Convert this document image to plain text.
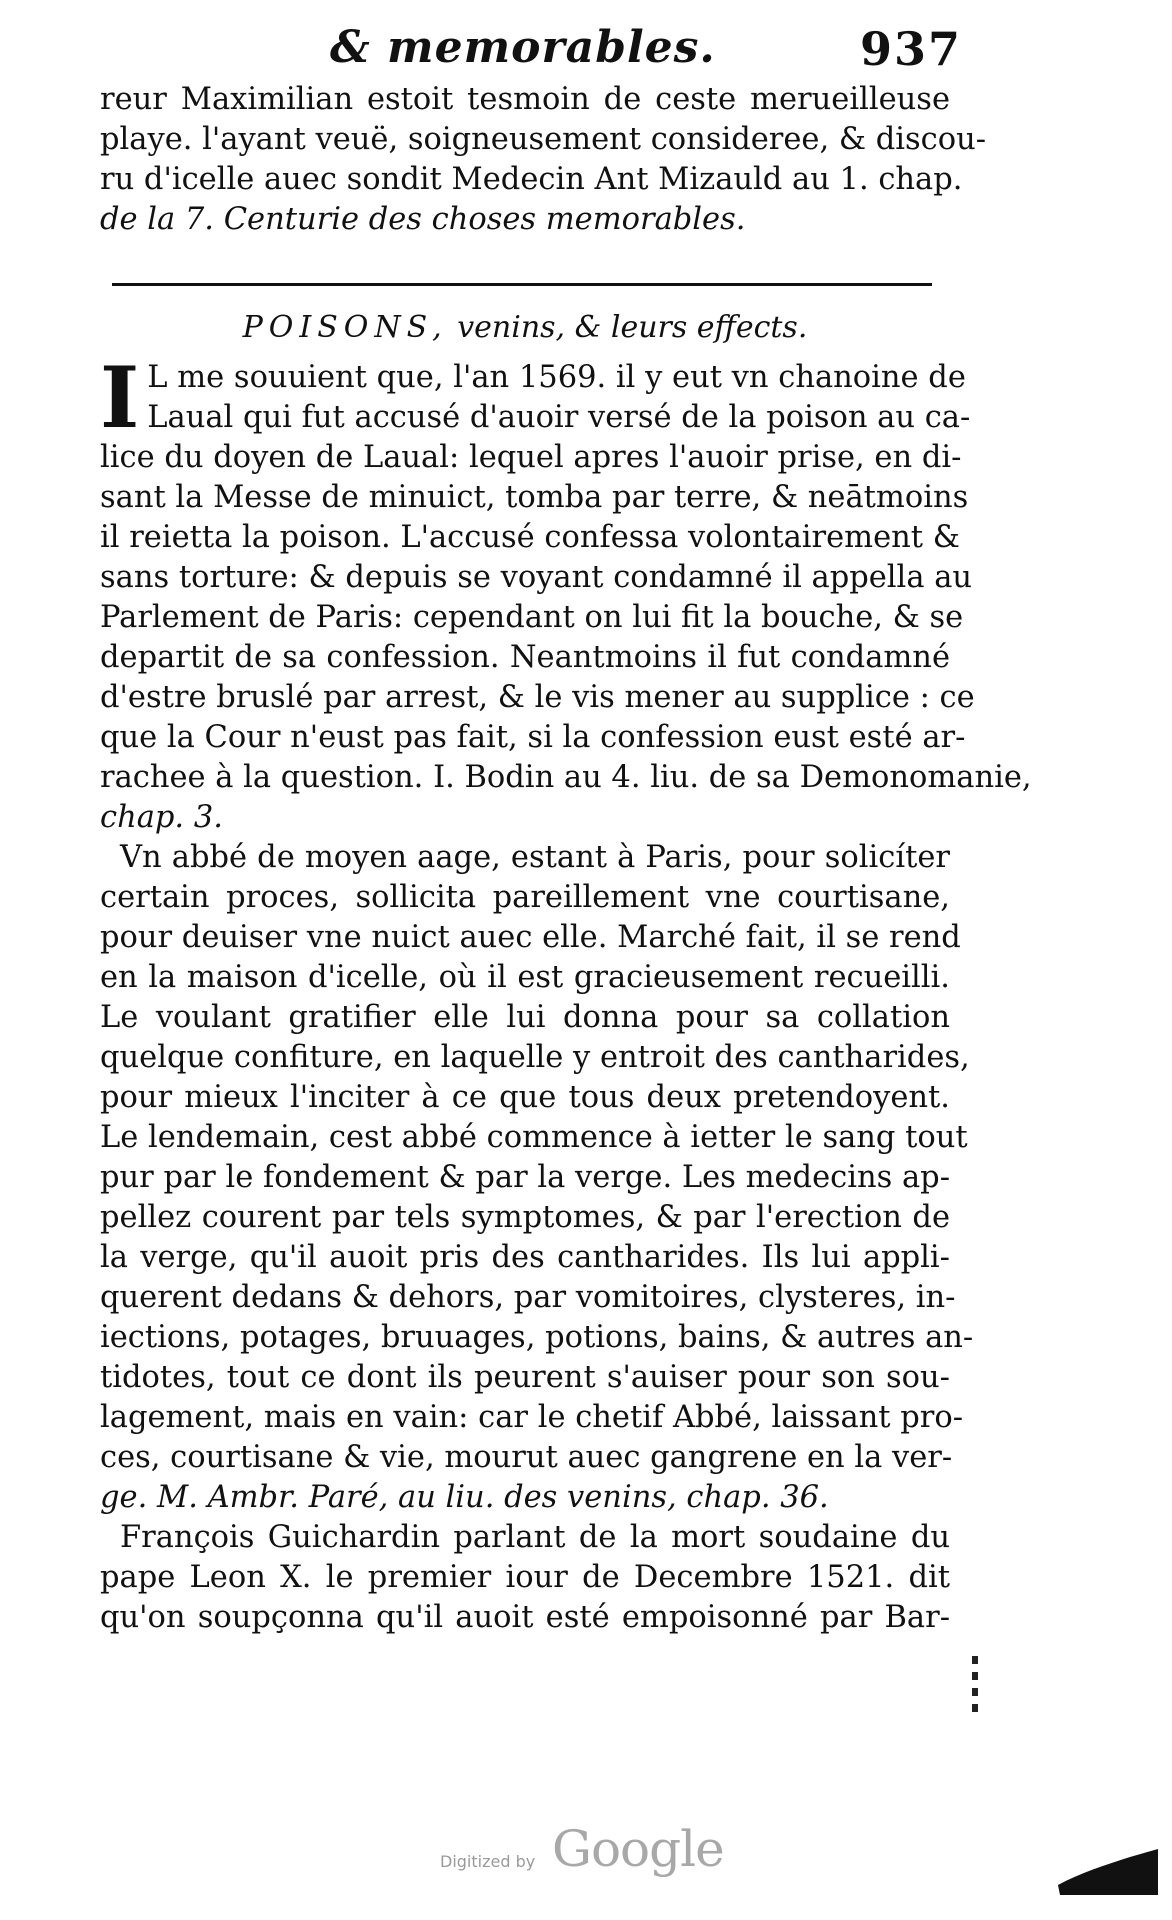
& memorables.	937
reur Maximilian estoit tesmoin de ceste merueilleuse
playe. l'ayant veuë, soigneusement consideree, & discou-
ru d'icelle auec sondit Medecin Ant Mizauld au 1. chap.
de la 7. Centurie des choses memorables.
POISONS, venins, & leurs effects.
I L me souuient que, l'an 1569. il y eut vn chanoine de
Laual qui fut accusé d'auoir versé de la poison au ca-
lice du doyen de Laual: lequel apres l'auoir prise, en di-
sant la Messe de minuict, tomba par terre, & neātmoins
il reietta la poison. L'accusé confessa volontairement &
sans torture: & depuis se voyant condamné il appella au
Parlement de Paris: cependant on lui fit la bouche, & se
departit de sa confession. Neantmoins il fut condamné
d'estre bruslé par arrest, & le vis mener au supplice : ce
que la Cour n'eust pas fait, si la confession eust esté ar-
rachee à la question. I. Bodin au 4. liu. de sa Demonomanie,
chap. 3.
Vn abbé de moyen aage, estant à Paris, pour solicíter
certain proces, sollicita pareillement vne courtisane,
pour deuiser vne nuict auec elle. Marché fait, il se rend
en la maison d'icelle, où il est gracieusement recueilli.
Le voulant gratifier elle lui donna pour sa collation
quelque confiture, en laquelle y entroit des cantharides,
pour mieux l'inciter à ce que tous deux pretendoyent.
Le lendemain, cest abbé commence à ietter le sang tout
pur par le fondement & par la verge. Les medecins ap-
pellez courent par tels symptomes, & par l'erection de
la verge, qu'il auoit pris des cantharides. Ils lui appli-
querent dedans & dehors, par vomitoires, clysteres, in-
iections, potages, bruuages, potions, bains, & autres an-
tidotes, tout ce dont ils peurent s'auiser pour son sou-
lagement, mais en vain: car le chetif Abbé, laissant pro-
ces, courtisane & vie, mourut auec gangrene en la ver-
ge. M. Ambr. Paré, au liu. des venins, chap. 36.
François Guichardin parlant de la mort soudaine du
pape Leon X. le premier iour de Decembre 1521. dit
qu'on soupçonna qu'il auoit esté empoisonné par Bar-
Digitized by Google
